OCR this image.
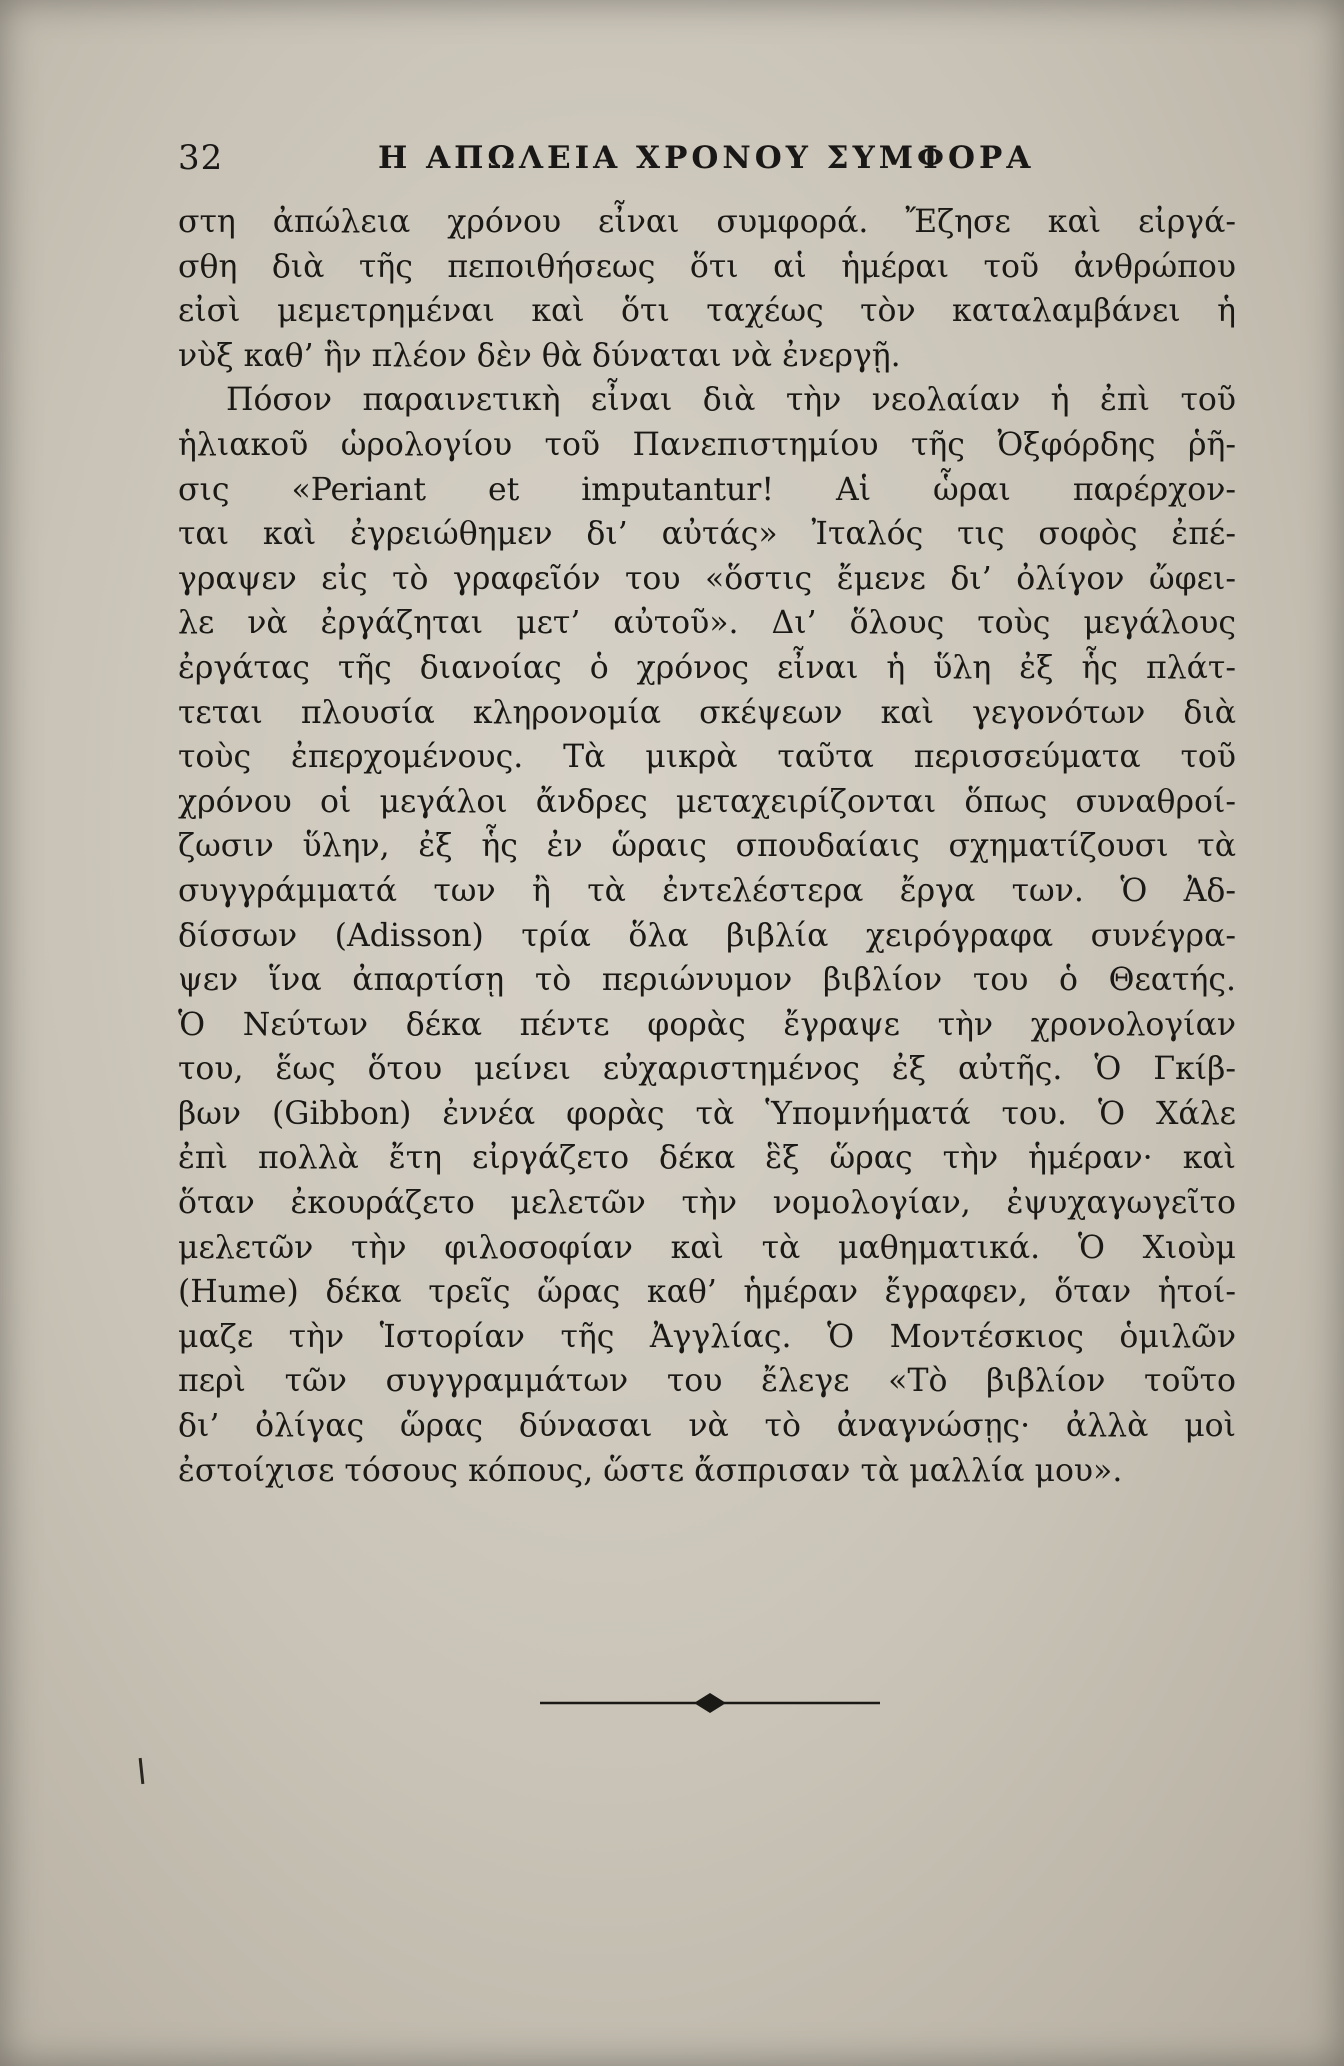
32	Η ΑΠΩΛΕΙΑ ΧΡΟΝΟΥ ΣΥΜΦΟΡΑ
στη ἀπώλεια χρόνου εἶναι συμφορά. Ἔζησε καὶ εἰργά-
σθη διὰ τῆς πεποιθήσεως ὅτι αἱ ἡμέραι τοῦ ἀνθρώπου
εἰσὶ μεμετρημέναι καὶ ὅτι ταχέως τὸν καταλαμβάνει ἡ
νὺξ καθ’ ἣν πλέον δὲν θὰ δύναται νὰ ἐνεργῇ.
Πόσον παραινετικὴ εἶναι διὰ τὴν νεολαίαν ἡ ἐπὶ τοῦ
ἡλιακοῦ ὡρολογίου τοῦ Πανεπιστημίου τῆς Ὀξφόρδης ῥῆ-
σις «Periant et imputantur! Αἱ ὧραι παρέρχον-
ται καὶ ἐγρειώθημεν δι’ αὐτάς» Ἰταλός τις σοφὸς ἐπέ-
γραψεν εἰς τὸ γραφεῖόν του «ὅστις ἔμενε δι’ ὀλίγον ὤφει-
λε νὰ ἐργάζηται μετ’ αὐτοῦ». Δι’ ὅλους τοὺς μεγάλους
ἐργάτας τῆς διανοίας ὁ χρόνος εἶναι ἡ ὕλη ἐξ ἧς πλάτ-
τεται πλουσία κληρονομία σκέψεων καὶ γεγονότων διὰ
τοὺς ἐπερχομένους. Τὰ μικρὰ ταῦτα περισσεύματα τοῦ
χρόνου οἱ μεγάλοι ἄνδρες μεταχειρίζονται ὅπως συναθροί-
ζωσιν ὕλην, ἐξ ἧς ἐν ὥραις σπουδαίαις σχηματίζουσι τὰ
συγγράμματά των ἢ τὰ ἐντελέστερα ἔργα των. Ὁ Ἀδ-
δίσσων (Adisson) τρία ὅλα βιβλία χειρόγραφα συνέγρα-
ψεν ἵνα ἀπαρτίσῃ τὸ περιώνυμον βιβλίον του ὁ Θεατής.
Ὁ Νεύτων δέκα πέντε φορὰς ἔγραψε τὴν χρονολογίαν
του, ἕως ὅτου μείνει εὐχαριστημένος ἐξ αὐτῆς. Ὁ Γκίβ-
βων (Gibbon) ἐννέα φορὰς τὰ Ὑπομνήματά του. Ὁ Χάλε
ἐπὶ πολλὰ ἔτη εἰργάζετο δέκα ἓξ ὥρας τὴν ἡμέραν· καὶ
ὅταν ἐκουράζετο μελετῶν τὴν νομολογίαν, ἐψυχαγωγεῖτο
μελετῶν τὴν φιλοσοφίαν καὶ τὰ μαθηματικά. Ὁ Χιοὺμ
(Hume) δέκα τρεῖς ὥρας καθ’ ἡμέραν ἔγραφεν, ὅταν ἡτοί-
μαζε τὴν Ἱστορίαν τῆς Ἀγγλίας. Ὁ Μοντέσκιος ὁμιλῶν
περὶ τῶν συγγραμμάτων του ἔλεγε «Τὸ βιβλίον τοῦτο
δι’ ὀλίγας ὥρας δύνασαι νὰ τὸ ἀναγνώσῃς· ἀλλὰ μοὶ
ἐστοίχισε τόσους κόπους, ὥστε ἄσπρισαν τὰ μαλλία μου».
